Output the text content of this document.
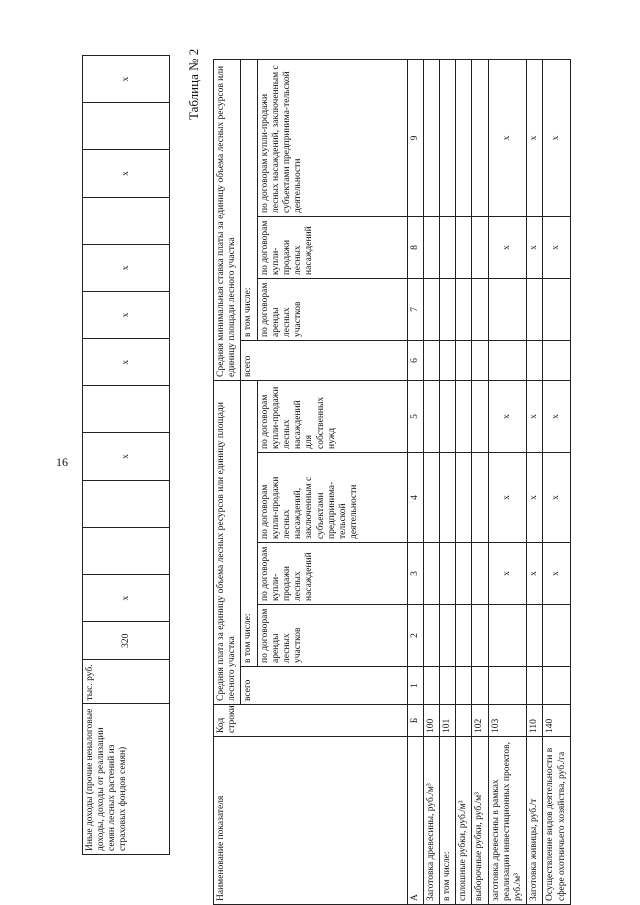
16
Иные доходы (прочие неналоговые доходы, доходы от реализации семян лесных растений из страховых фондов семян)	тыс. руб.	320	x			x		x	x	x		x		x	Таблица № 2
Наименование показателя	Код строки	Средняя плата за единицу объема лесных ресурсов или единицу площади лесного участка					Средняя минимальная ставка платы за единицу объема лесных ресурсов или единицу площади лесного участка			
		всего	в том числе:				всего	в том числе:		
			по договорам аренды лесных участков	по договорам купли-продажи лесных насаждений	по договорам купли-продажи лесных насаждений, заключенным с субъектами предпринима-тельской деятельности	по договорам купли-продажи лесных насаждений для собственных нужд		по договорам аренды лесных участков	по договорам купли-продажи лесных насаждений	по договорам купли-продажи лесных насаждений, заключенным с субъектами предпринима-тельской деятельности
А	Б	1	2	3	4	5	6	7	8	9
Заготовка древесины, руб./м³	100									
в том числе:	101									
сплошные рубки, руб./м³										
выборочные рубки, руб./м³	102									
заготовка древесины в рамках реализации инвестиционных проектов, руб./м³	103			x	x	x			x	x
Заготовка живицы, руб./т	110			x	x	x			x	x
Осуществление видов деятельности в сфере охотничьего хозяйства, руб./га	140			x	x	x			x	x
